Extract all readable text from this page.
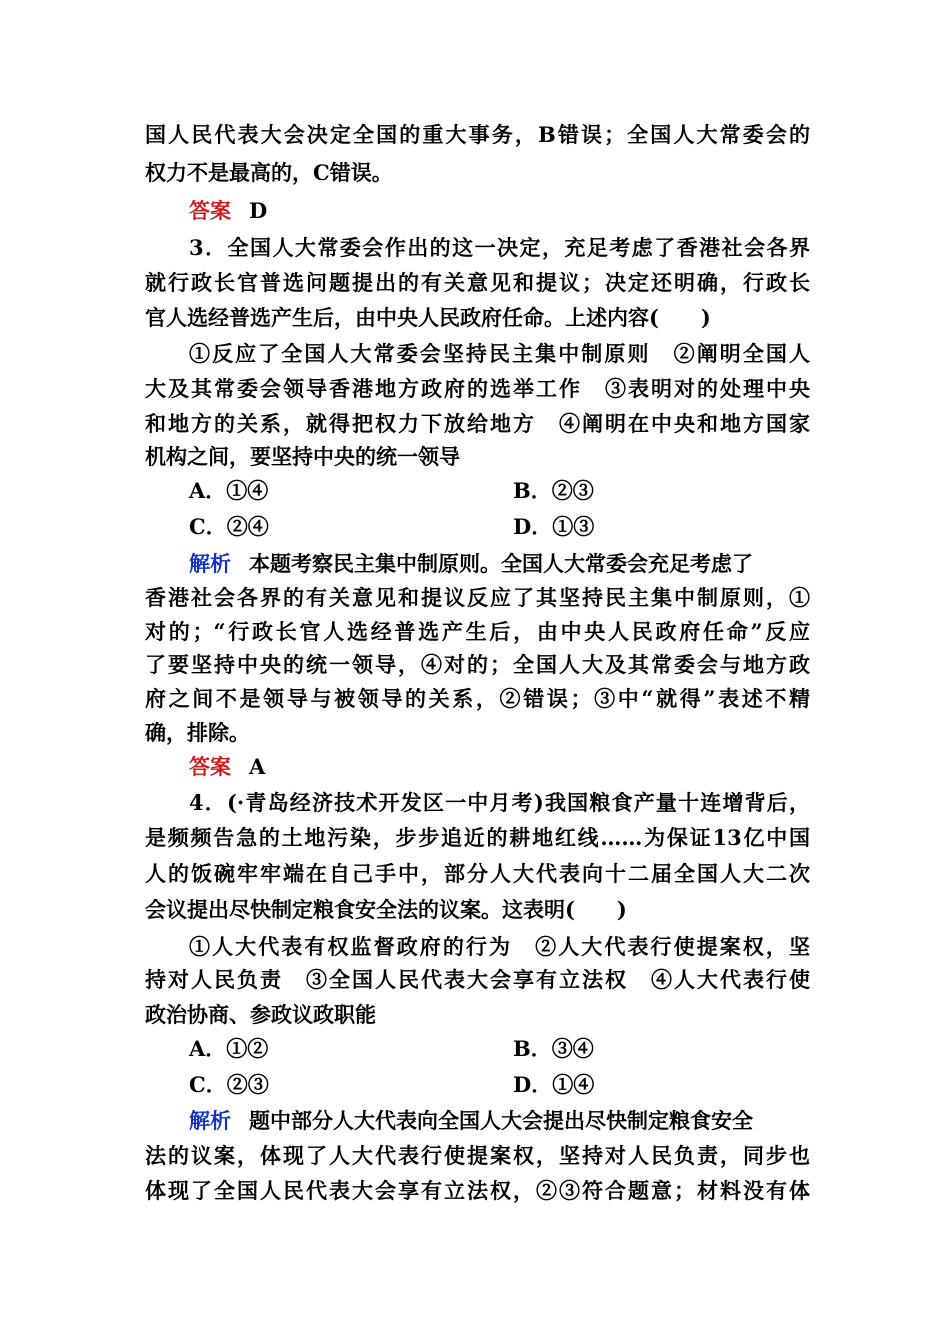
国人民代表大会决定全国的重大事务，B错误；全国人大常委会的
权力不是最高的，C错误。
答案 D
3．全国人大常委会作出的这一决定，充足考虑了香港社会各界
就行政长官普选问题提出的有关意见和提议；决定还明确，行政长
官人选经普选产生后，由中央人民政府任命。上述内容(　　)
①反应了全国人大常委会坚持民主集中制原则　②阐明全国人
大及其常委会领导香港地方政府的选举工作　③表明对的处理中央
和地方的关系，就得把权力下放给地方　④阐明在中央和地方国家
机构之间，要坚持中央的统一领导
A．①④	B．②③
C．②④	D．①③
解析 本题考察民主集中制原则。全国人大常委会充足考虑了
香港社会各界的有关意见和提议反应了其坚持民主集中制原则，①
对的；“行政长官人选经普选产生后，由中央人民政府任命”反应
了要坚持中央的统一领导，④对的；全国人大及其常委会与地方政
府之间不是领导与被领导的关系，②错误；③中“就得”表述不精
确，排除。
答案 A
4．(·青岛经济技术开发区一中月考)我国粮食产量十连增背后，
是频频告急的土地污染，步步追近的耕地红线……为保证13亿中国
人的饭碗牢牢端在自己手中，部分人大代表向十二届全国人大二次
会议提出尽快制定粮食安全法的议案。这表明(　　)
①人大代表有权监督政府的行为　②人大代表行使提案权，坚
持对人民负责　③全国人民代表大会享有立法权　④人大代表行使
政治协商、参政议政职能
A．①②	B．③④
C．②③	D．①④
解析 题中部分人大代表向全国人大会提出尽快制定粮食安全
法的议案，体现了人大代表行使提案权，坚持对人民负责，同步也
体现了全国人民代表大会享有立法权，②③符合题意；材料没有体
